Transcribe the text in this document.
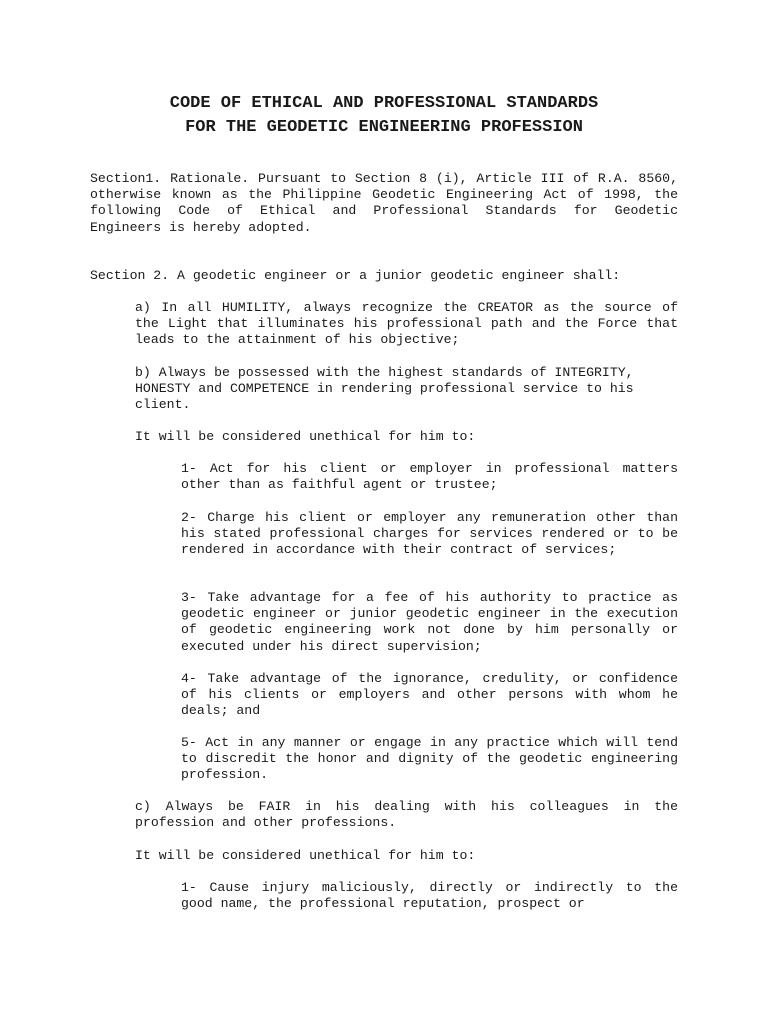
CODE OF ETHICAL AND PROFESSIONAL STANDARDS
FOR THE GEODETIC ENGINEERING PROFESSION

Section1. Rationale. Pursuant to Section 8 (i), Article III of R.A. 8560, otherwise known as the Philippine Geodetic Engineering Act of 1998, the following Code of Ethical and Professional Standards for Geodetic Engineers is hereby adopted.

Section 2. A geodetic engineer or a junior geodetic engineer shall:

a) In all HUMILITY, always recognize the CREATOR as the source of the Light that illuminates his professional path and the Force that leads to the attainment of his objective;

b) Always be possessed with the highest standards of INTEGRITY,
HONESTY and COMPETENCE in rendering professional service to his
client.

It will be considered unethical for him to:

1- Act for his client or employer in professional matters other than as faithful agent or trustee;

2- Charge his client or employer any remuneration other than his stated professional charges for services rendered or to be rendered in accordance with their contract of services;

3- Take advantage for a fee of his authority to practice as geodetic engineer or junior geodetic engineer in the execution of geodetic engineering work not done by him personally or executed under his direct supervision;

4- Take advantage of the ignorance, credulity, or confidence of his clients or employers and other persons with whom he deals; and

5- Act in any manner or engage in any practice which will tend to discredit the honor and dignity of the geodetic engineering profession.

c) Always be FAIR in his dealing with his colleagues in the profession and other professions.

It will be considered unethical for him to:

1- Cause injury maliciously, directly or indirectly to the good name, the professional reputation, prospect or
